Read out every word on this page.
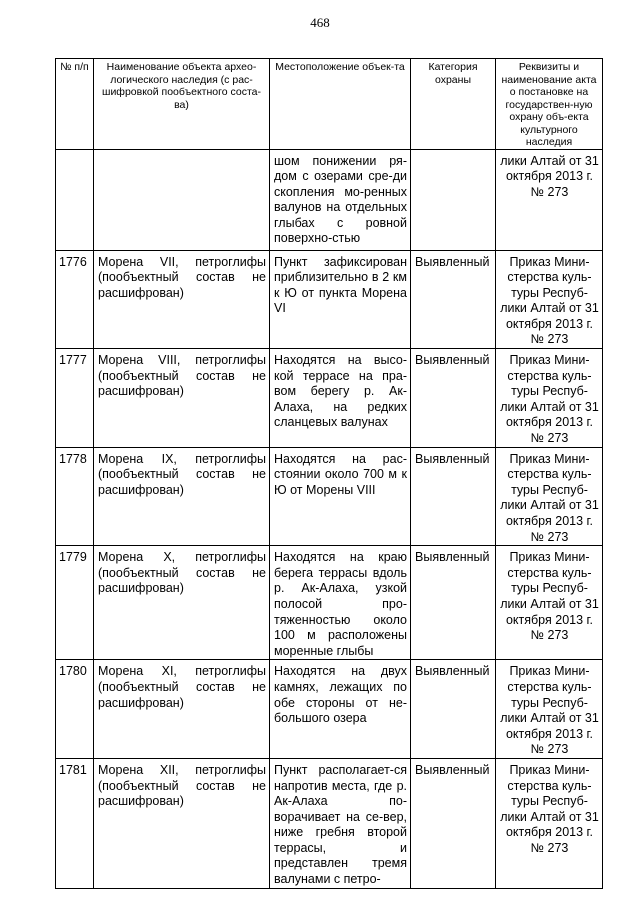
468
№ п/п	Наименование объекта архео-логического наследия (с рас-шифровкой пообъектного соста-ва)	Местоположение объек-та	Категория охраны	Реквизиты и наименование акта о постановке на государствен-ную охрану объ-екта культурного наследия
		шом понижении ря-дом с озерами сре-ди скопления мо-ренных валунов на отдельных глыбах с ровной поверхно-стью		лики Алтай от 31 октября 2013 г. № 273
1776	Морена VII, петроглифы (пообъектный состав не расшифрован)	Пункт зафиксирован приблизительно в 2 км к Ю от пункта Морена VI	Выявленный	Приказ Мини-стерства куль-туры Респуб-лики Алтай от 31 октября 2013 г. № 273
1777	Морена VIII, петроглифы (пообъектный состав не расшифрован)	Находятся на высо-кой террасе на пра-вом берегу р. Ак-Алаха, на редких сланцевых валунах	Выявленный	Приказ Мини-стерства куль-туры Респуб-лики Алтай от 31 октября 2013 г. № 273
1778	Морена IX, петроглифы (пообъектный состав не расшифрован)	Находятся на рас-стоянии около 700 м к Ю от Морены VIII	Выявленный	Приказ Мини-стерства куль-туры Респуб-лики Алтай от 31 октября 2013 г. № 273
1779	Морена X, петроглифы (пообъектный состав не расшифрован)	Находятся на краю берега террасы вдоль р. Ак-Алаха, узкой полосой про-тяженностью около 100 м расположены моренные глыбы	Выявленный	Приказ Мини-стерства куль-туры Респуб-лики Алтай от 31 октября 2013 г. № 273
1780	Морена XI, петроглифы (пообъектный состав не расшифрован)	Находятся на двух камнях, лежащих по обе стороны от не-большого озера	Выявленный	Приказ Мини-стерства куль-туры Респуб-лики Алтай от 31 октября 2013 г. № 273
1781	Морена XII, петроглифы (пообъектный состав не расшифрован)	Пункт располагает-ся напротив места, где р. Ак-Алаха по-ворачивает на се-вер, ниже гребня второй террасы, и представлен тремя валунами с петро-	Выявленный	Приказ Мини-стерства куль-туры Респуб-лики Алтай от 31 октября 2013 г. № 273
